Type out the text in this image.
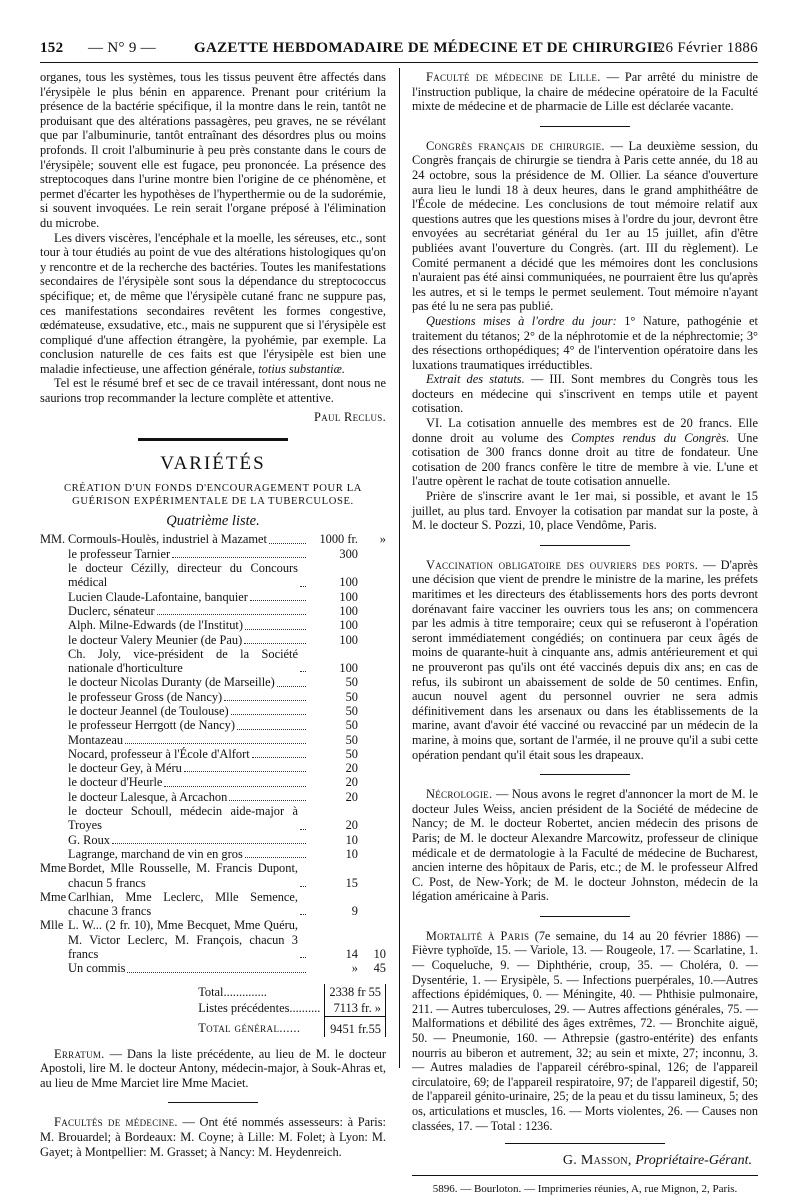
152 — N° 9 —	GAZETTE HEBDOMADAIRE DE MÉDECINE ET DE CHIRURGIE
26 Février 1886

organes, tous les systèmes, tous les tissus peuvent être affectés dans l'érysipèle le plus bénin en apparence. Prenant pour critérium la présence de la bactérie spécifique, il la montre dans le rein, tantôt ne produisant que des altérations passagères, peu graves, ne se révélant que par l'albuminurie, tantôt entraînant des désordres plus ou moins profonds. Il croit l'albuminurie à peu près constante dans le cours de l'érysipèle; souvent elle est fugace, peu prononcée. La présence des streptocoques dans l'urine montre bien l'origine de ce phénomène, et permet d'écarter les hypothèses de l'hyperthermie ou de la sudorémie, si souvent invoquées. Le rein serait l'organe préposé à l'élimination du microbe.

Les divers viscères, l'encéphale et la moelle, les séreuses, etc., sont tour à tour étudiés au point de vue des altérations histologiques qu'on y rencontre et de la recherche des bactéries. Toutes les manifestations secondaires de l'érysipèle sont sous la dépendance du streptococcus spécifique; et, de même que l'érysipèle cutané franc ne suppure pas, ces manifestations secondaires revêtent les formes congestive, œdémateuse, exsudative, etc., mais ne suppurent que si l'érysipèle est compliqué d'une affection étrangère, la pyohémie, par exemple. La conclusion naturelle de ces faits est que l'érysipèle est bien une maladie infectieuse, une affection générale, totius substantiæ.

Tel est le résumé bref et sec de ce travail intéressant, dont nous ne saurions trop recommander la lecture complète et attentive.

Paul Reclus.
VARIÉTÉS
CRÉATION D'UN FONDS D'ENCOURAGEMENT POUR LA GUÉRISON EXPÉRIMENTALE DE LA TUBERCULOSE.
Quatrième liste.
MM.	Cormouls-Houlès, industriel à Mazamet	1000 fr.	»

	le professeur Tarnier	300	

	le docteur Cézilly, directeur du Concours médical	100	

	Lucien Claude-Lafontaine, banquier	100	

	Duclerc, sénateur	100	

	Alph. Milne-Edwards (de l'Institut)	100	

	le docteur Valery Meunier (de Pau)	100	

	Ch. Joly, vice-président de la Société nationale d'horticulture	100	

	le docteur Nicolas Duranty (de Marseille)	50	

	le professeur Gross (de Nancy)	50	

	le docteur Jeannel (de Toulouse)	50	

	le professeur Herrgott (de Nancy)	50	

	Montazeau	50	

	Nocard, professeur à l'École d'Alfort	50	

	le docteur Gey, à Méru	20	

	le docteur d'Heurle	20	

	le docteur Lalesque, à Arcachon	20	

	le docteur Schoull, médecin aide-major à Troyes	20	

	G. Roux	10	

	Lagrange, marchand de vin en gros	10	
Mme	Bordet, Mlle Rousselle, M. Francis Dupont, chacun 5 francs	15	
Mme	Carlhian, Mme Leclerc, Mlle Semence, chacune 3 francs	9	
Mlle	L. W... (2 fr. 10), Mme Becquet, Mme Quéru, M. Victor Leclerc, M. François, chacun 3 francs	14	10

	Un commis	»	45
Total..............	2338 fr 55
Listes précédentes..........	7113 fr. »
Total général......	9451 fr.55

Erratum. — Dans la liste précédente, au lieu de M. le docteur Apostoli, lire M. le docteur Antony, médecin-major, à Souk-Ahras et, au lieu de Mme Marciet lire Mme Maciet.

Facultés de médecine. — Ont été nommés assesseurs: à Paris: M. Brouardel; à Bordeaux: M. Coyne; à Lille: M. Folet; à Lyon: M. Gayet; à Montpellier: M. Grasset; à Nancy: M. Heydenreich.

Faculté de médecine de Lille. — Par arrêté du ministre de l'instruction publique, la chaire de médecine opératoire de la Faculté mixte de médecine et de pharmacie de Lille est déclarée vacante.

Congrès français de chirurgie. — La deuxième session, du Congrès français de chirurgie se tiendra à Paris cette année, du 18 au 24 octobre, sous la présidence de M. Ollier. La séance d'ouverture aura lieu le lundi 18 à deux heures, dans le grand amphithéâtre de l'École de médecine. Les conclusions de tout mémoire relatif aux questions autres que les questions mises à l'ordre du jour, devront être envoyées au secrétariat général du 1er au 15 juillet, afin d'être publiées avant l'ouverture du Congrès. (art. III du règlement). Le Comité permanent a décidé que les mémoires dont les conclusions n'auraient pas été ainsi communiquées, ne pourraient être lus qu'après les autres, et si le temps le permet seulement. Tout mémoire n'ayant pas été lu ne sera pas publié.

Questions mises à l'ordre du jour: 1° Nature, pathogénie et traitement du tétanos; 2° de la néphrotomie et de la néphrectomie; 3° des résections orthopédiques; 4° de l'intervention opératoire dans les luxations traumatiques irréductibles.

Extrait des statuts. — III. Sont membres du Congrès tous les docteurs en médecine qui s'inscrivent en temps utile et payent cotisation.

VI. La cotisation annuelle des membres est de 20 francs. Elle donne droit au volume des Comptes rendus du Congrès. Une cotisation de 300 francs donne droit au titre de fondateur. Une cotisation de 200 francs confère le titre de membre à vie. L'une et l'autre opèrent le rachat de toute cotisation annuelle.

Prière de s'inscrire avant le 1er mai, si possible, et avant le 15 juillet, au plus tard. Envoyer la cotisation par mandat sur la poste, à M. le docteur S. Pozzi, 10, place Vendôme, Paris.

Vaccination obligatoire des ouvriers des ports. — D'après une décision que vient de prendre le ministre de la marine, les préfets maritimes et les directeurs des établissements hors des ports devront dorénavant faire vacciner les ouvriers tous les ans; on commencera par les admis à titre temporaire; ceux qui se refuseront à l'opération seront immédiatement congédiés; on continuera par ceux âgés de moins de quarante-huit à cinquante ans, admis antérieurement et qui ne prouveront pas qu'ils ont été vaccinés depuis dix ans; en cas de refus, ils subiront un abaissement de solde de 50 centimes. Enfin, aucun nouvel agent du personnel ouvrier ne sera admis définitivement dans les arsenaux ou dans les établissements de la marine, avant d'avoir été vacciné ou revacciné par un médecin de la marine, à moins que, sortant de l'armée, il ne prouve qu'il a subi cette opération pendant qu'il était sous les drapeaux.

Nécrologie. — Nous avons le regret d'annoncer la mort de M. le docteur Jules Weiss, ancien président de la Société de médecine de Nancy; de M. le docteur Robertet, ancien médecin des prisons de Paris; de M. le docteur Alexandre Marcowitz, professeur de clinique médicale et de dermatologie à la Faculté de médecine de Bucharest, ancien interne des hôpitaux de Paris, etc.; de M. le professeur Alfred C. Post, de New-York; de M. le docteur Johnston, médecin de la légation américaine à Paris.

Mortalité à Paris (7e semaine, du 14 au 20 février 1886) — Fièvre typhoïde, 15. — Variole, 13. — Rougeole, 17. — Scarlatine, 1. — Coqueluche, 9. — Diphthérie, croup, 35. — Choléra, 0. — Dysentérie, 1. — Erysipèle, 5. — Infections puerpérales, 10.—Autres affections épidémiques, 0. — Méningite, 40. — Phthisie pulmonaire, 211. — Autres tuberculoses, 29. — Autres affections générales, 75. — Malformations et débilité des âges extrêmes, 72. — Bronchite aiguë, 50. — Pneumonie, 160. — Athrepsie (gastro-entérite) des enfants nourris au biberon et autrement, 32; au sein et mixte, 27; inconnu, 3. — Autres maladies de l'appareil cérébro-spinal, 126; de l'appareil circulatoire, 69; de l'appareil respiratoire, 97; de l'appareil digestif, 50; de l'appareil génito-urinaire, 25; de la peau et du tissu lamineux, 5; des os, articulations et muscles, 16. — Morts violentes, 26. — Causes non classées, 17. — Total : 1236.

G. Masson, Propriétaire-Gérant.
5896. — Bourloton. — Imprimeries réunies, A, rue Mignon, 2, Paris.
